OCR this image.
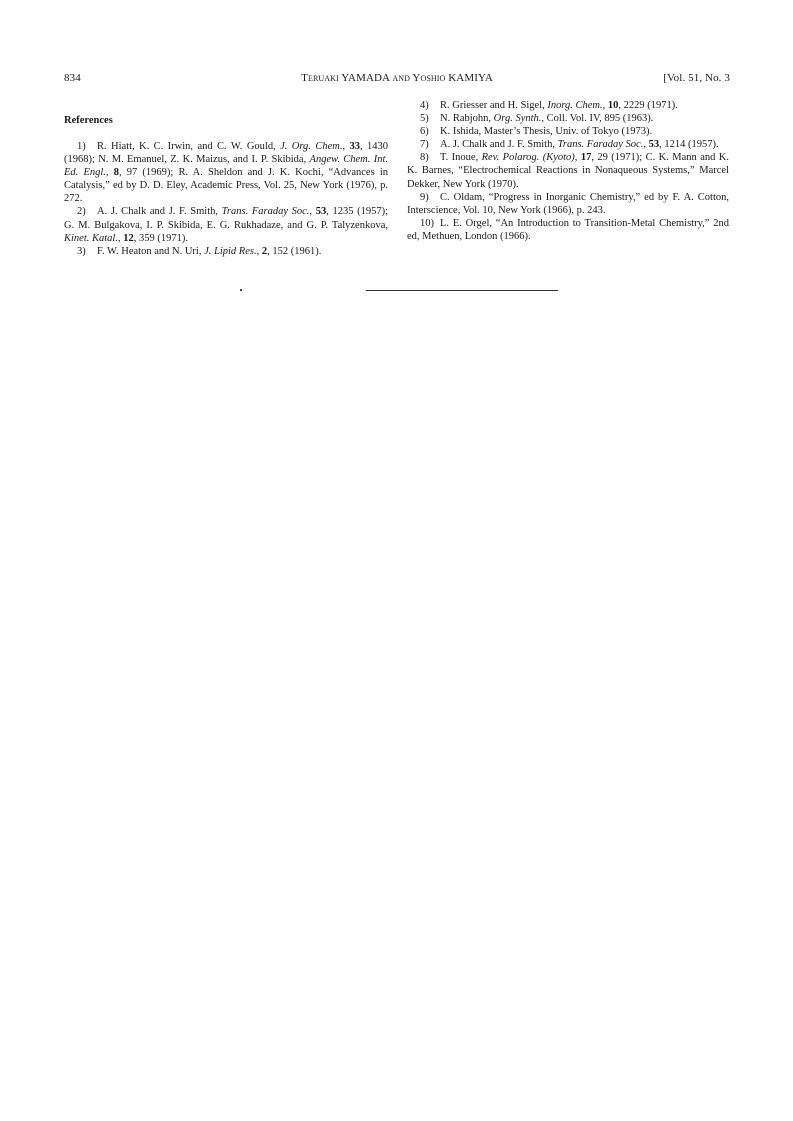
834	Teruaki YAMADA and Yoshio KAMIYA	[Vol. 51, No. 3
References

1) R. Hiatt, K. C. Irwin, and C. W. Gould, J. Org. Chem., 33, 1430 (1968); N. M. Emanuel, Z. K. Maizus, and I. P. Skibida, Angew. Chem. Int. Ed. Engl., 8, 97 (1969); R. A. Sheldon and J. K. Kochi, “Advances in Catalysis,” ed by D. D. Eley, Academic Press, Vol. 25, New York (1976), p. 272.

2) A. J. Chalk and J. F. Smith, Trans. Faraday Soc., 53, 1235 (1957); G. M. Bulgakova, I. P. Skibida, E. G. Rukhadaze, and G. P. Talyzenkova, Kinet. Katal., 12, 359 (1971).

3) F. W. Heaton and N. Uri, J. Lipid Res., 2, 152 (1961).

4) R. Griesser and H. Sigel, Inorg. Chem., 10, 2229 (1971).

5) N. Rabjohn, Org. Synth., Coll. Vol. IV, 895 (1963).

6) K. Ishida, Master’s Thesis, Univ. of Tokyo (1973).

7) A. J. Chalk and J. F. Smith, Trans. Faraday Soc., 53, 1214 (1957).

8) T. Inoue, Rev. Polarog. (Kyoto), 17, 29 (1971); C. K. Mann and K. K. Barnes, “Electrochemical Reactions in Nonaqueous Systems,” Marcel Dekker, New York (1970).

9) C. Oldam, “Progress in Inorganic Chemistry,” ed by F. A. Cotton, Interscience, Vol. 10, New York (1966), p. 243.

10) L. E. Orgel, “An Introduction to Transition-Metal Chemistry,” 2nd ed, Methuen, London (1966).
